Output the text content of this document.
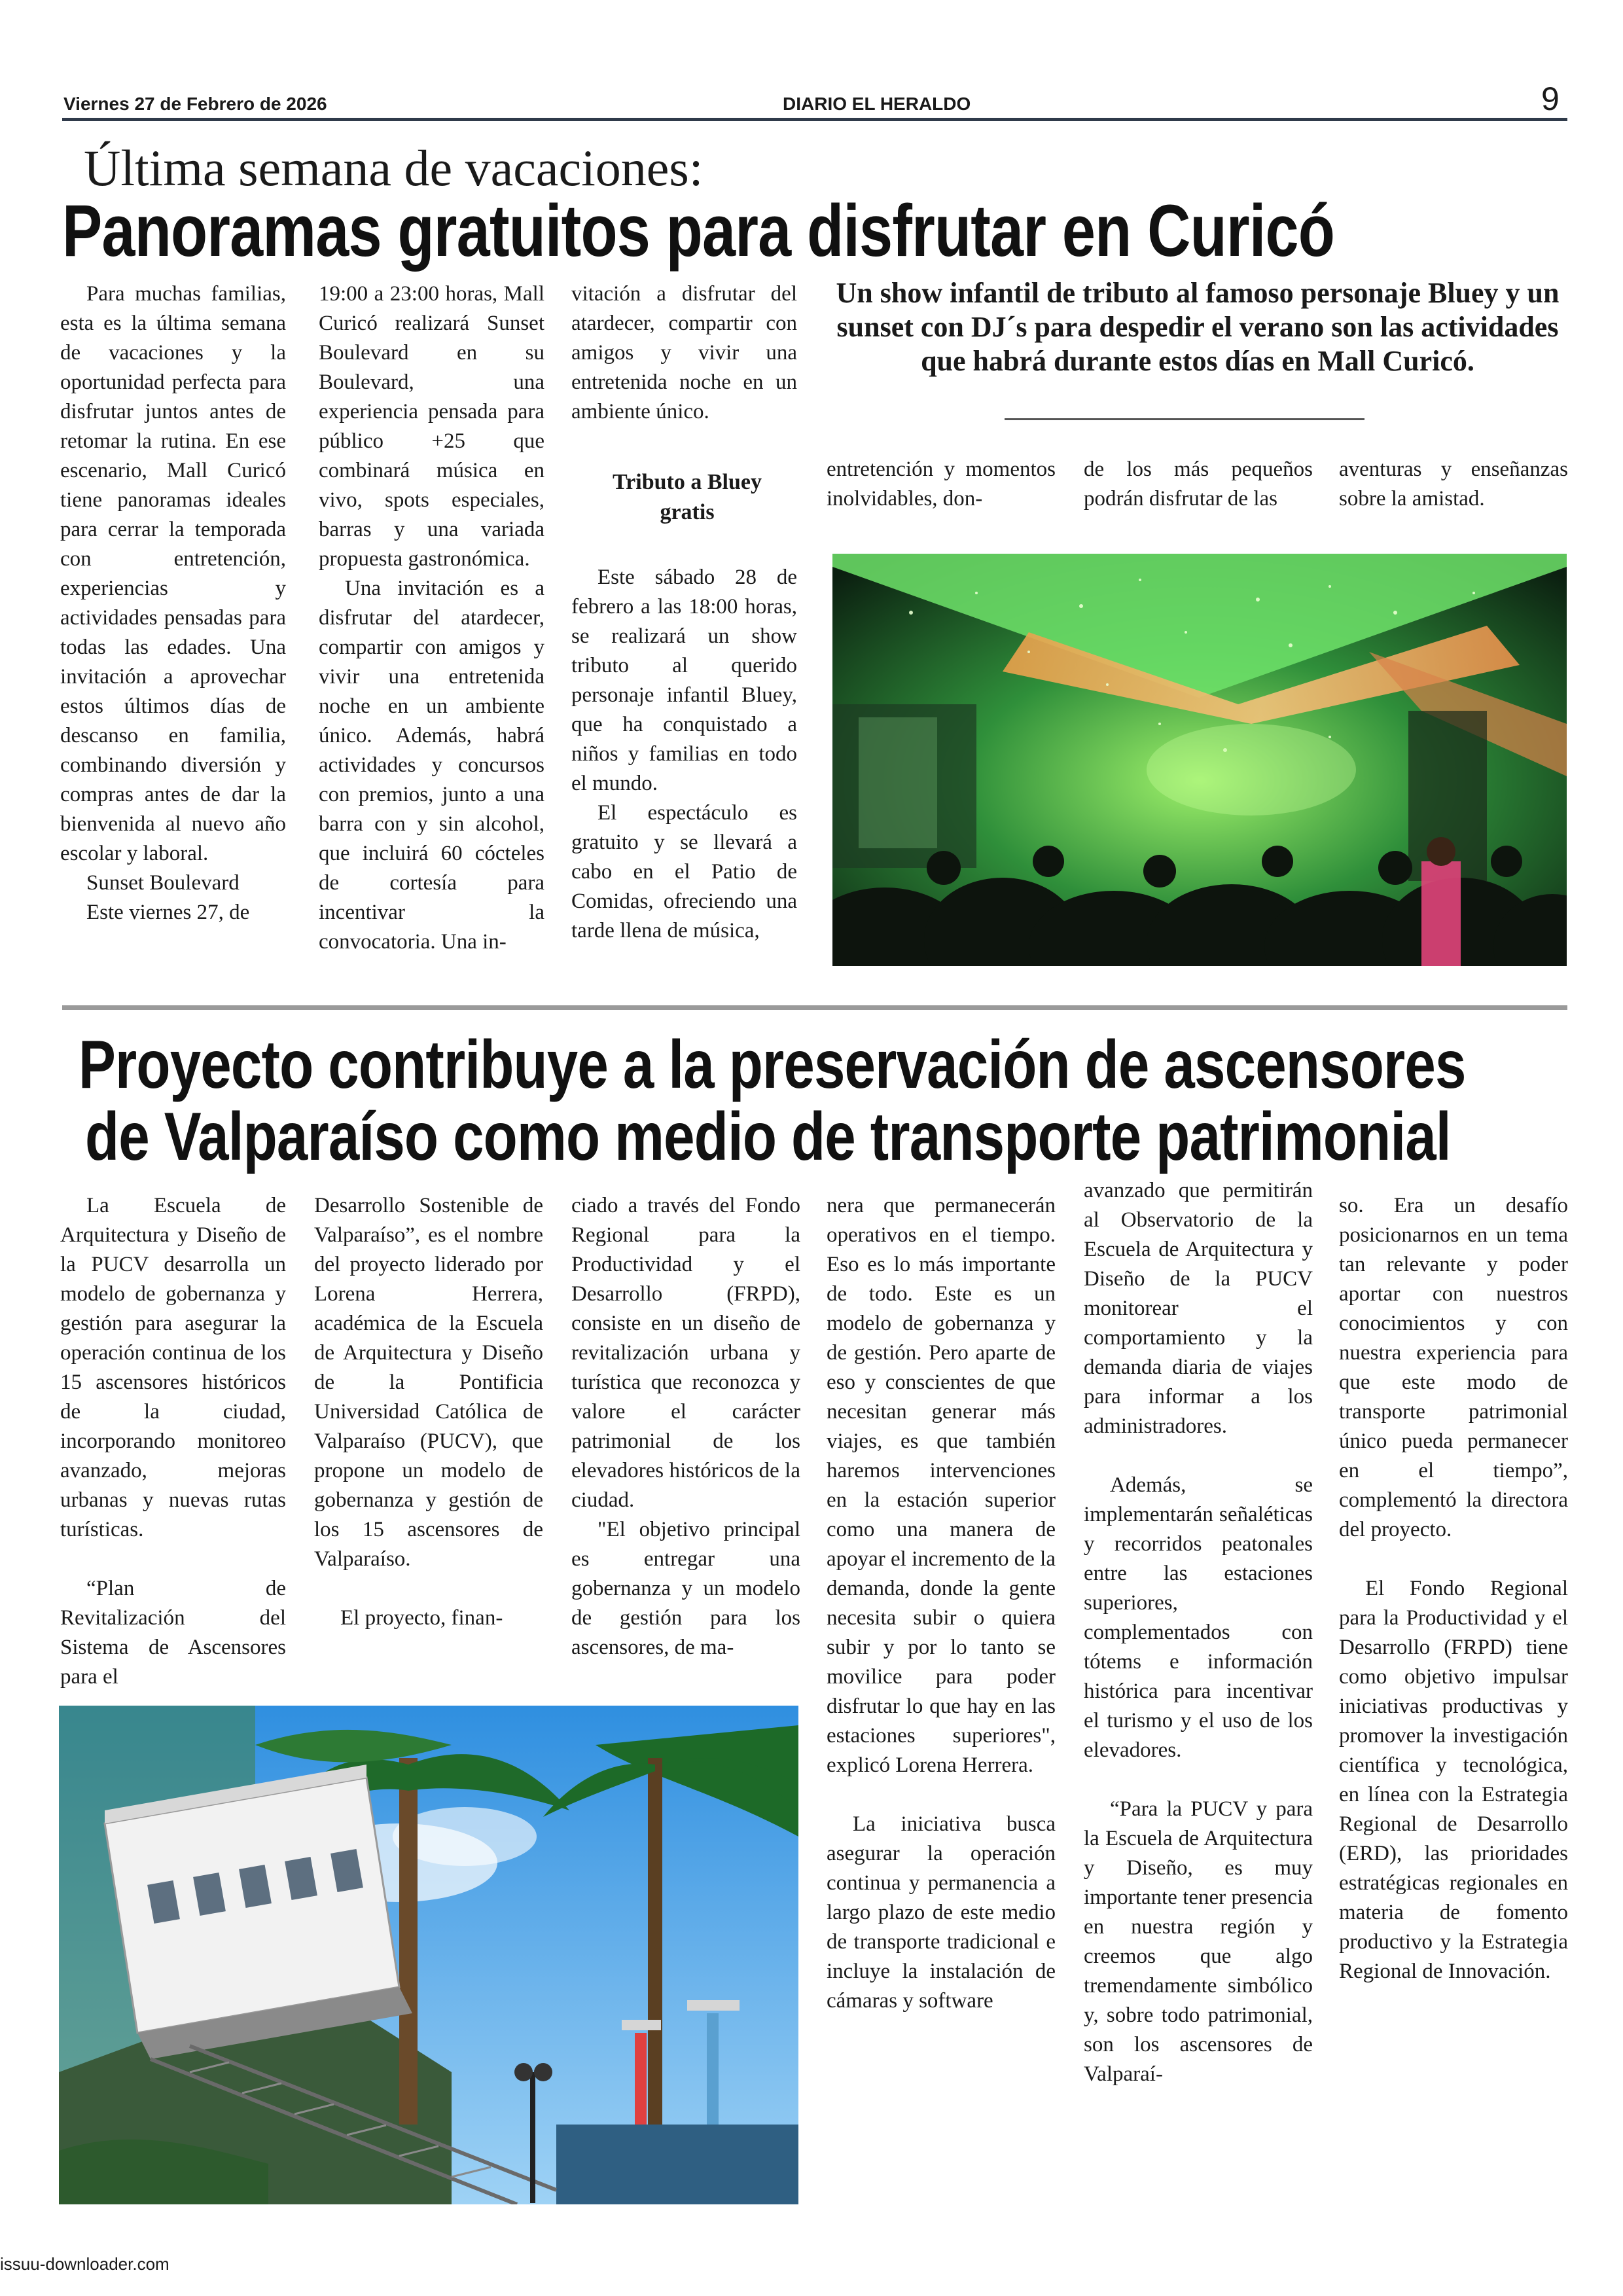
Viernes 27 de Febrero de 2026	DIARIO EL HERALDO	9
Última semana de vacaciones:
Panoramas gratuitos para disfrutar en Curicó

Para muchas familias, esta es la última semana de vacaciones y la oportunidad perfecta para disfrutar juntos antes de retomar la rutina. En ese escenario, Mall Curicó tiene panoramas ideales para cerrar la temporada con entretención, experiencias y actividades pensadas para todas las edades. Una invitación a aprovechar estos últimos días de descanso en familia, combinando diversión y compras antes de dar la bienvenida al nuevo año escolar y laboral.

Sunset Boulevard

Este viernes 27, de

19:00 a 23:00 horas, Mall Curicó realizará Sunset Boulevard en su Boulevard, una experiencia pensada para público +25 que combinará música en vivo, spots especiales, barras y una variada propuesta gastronómica.

Una invitación es a disfrutar del atardecer, compartir con amigos y vivir una entretenida noche en un ambiente único. Además, habrá actividades y concursos con premios, junto a una barra con y sin alcohol, que incluirá 60 cócteles de cortesía para incentivar la convocatoria. Una in-

vitación a disfrutar del atardecer, compartir con amigos y vivir una entretenida noche en un ambiente único.

Tributo a Bluey gratis

Este sábado 28 de febrero a las 18:00 horas, se realizará un show tributo al querido personaje infantil Bluey, que ha conquistado a niños y familias en todo el mundo.

El espectáculo es gratuito y se llevará a cabo en el Patio de Comidas, ofreciendo una tarde llena de música,

Un show infantil de tributo al famoso personaje Bluey y un sunset con DJ´s para despedir el verano son las actividades que habrá durante estos días en Mall Curicó.

entretención y momentos inolvidables, don-

de los más pequeños podrán disfrutar de las

aventuras y enseñanzas sobre la amistad.

Proyecto contribuye a la preservación de ascensores
de Valparaíso como medio de transporte patrimonial

La Escuela de Arquitectura y Diseño de la PUCV desarrolla un modelo de gobernanza y gestión para asegurar la operación continua de los 15 ascensores históricos de la ciudad, incorporando monitoreo avanzado, mejoras urbanas y nuevas rutas turísticas.

“Plan de Revitalización del Sistema de Ascensores para el

Desarrollo Sostenible de Valparaíso”, es el nombre del proyecto liderado por Lorena Herrera, académica de la Escuela de Arquitectura y Diseño de la Pontificia Universidad Católica de Valparaíso (PUCV), que propone un modelo de gobernanza y gestión de los 15 ascensores de Valparaíso.

El proyecto, finan-

ciado a través del Fondo Regional para la Productividad y el Desarrollo (FRPD), consiste en un diseño de revitalización urbana y turística que reconozca y valore el carácter patrimonial de los elevadores históricos de la ciudad.

"El objetivo principal es entregar una gobernanza y un modelo de gestión para los ascensores, de ma-

nera que permanecerán operativos en el tiempo. Eso es lo más importante de todo. Este es un modelo de gobernanza y de gestión. Pero aparte de eso y conscientes de que necesitan generar más viajes, es que también haremos intervenciones en la estación superior como una manera de apoyar el incremento de la demanda, donde la gente necesita subir o quiera subir y por lo tanto se movilice para poder disfrutar lo que hay en las estaciones superiores", explicó Lorena Herrera.

La iniciativa busca asegurar la operación continua y permanencia a largo plazo de este medio de transporte tradicional e incluye la instalación de cámaras y software

avanzado que permitirán al Observatorio de la Escuela de Arquitectura y Diseño de la PUCV monitorear el comportamiento y la demanda diaria de viajes para informar a los administradores.

Además, se implementarán señaléticas y recorridos peatonales entre las estaciones superiores, complementados con tótems e información histórica para incentivar el turismo y el uso de los elevadores.

“Para la PUCV y para la Escuela de Arquitectura y Diseño, es muy importante tener presencia en nuestra región y creemos que algo tremendamente simbólico y, sobre todo patrimonial, son los ascensores de Valparaí-

so. Era un desafío posicionarnos en un tema tan relevante y poder aportar con nuestros conocimientos y con nuestra experiencia para que este modo de transporte patrimonial único pueda permanecer en el tiempo”, complementó la directora del proyecto.

El Fondo Regional para la Productividad y el Desarrollo (FRPD) tiene como objetivo impulsar iniciativas productivas y promover la investigación científica y tecnológica, en línea con la Estrategia Regional de Desarrollo (ERD), las prioridades estratégicas regionales en materia de fomento productivo y la Estrategia Regional de Innovación.

issuu-downloader.com
